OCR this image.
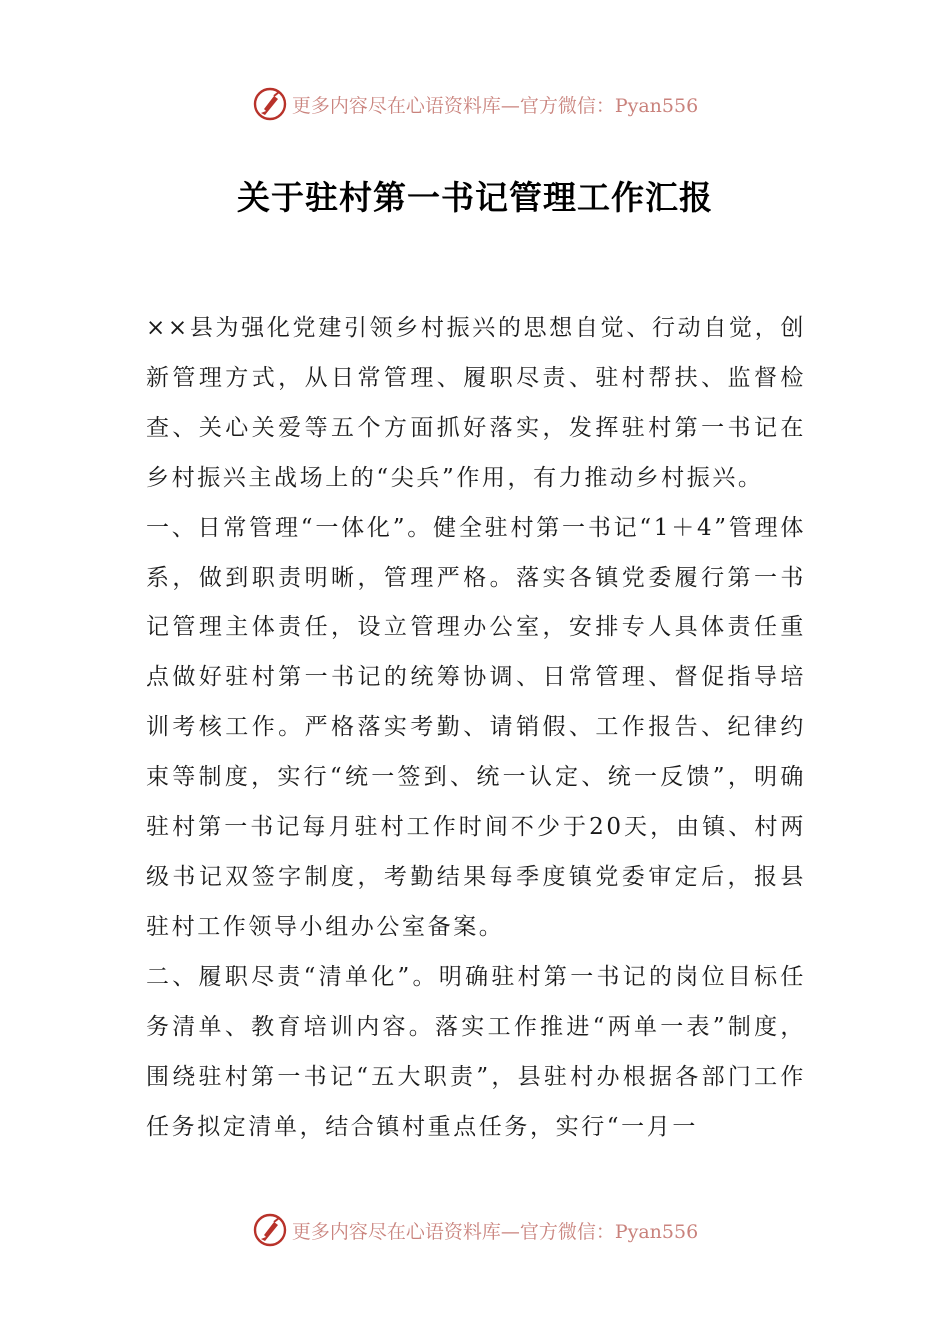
更多内容尽在心语资料库—官方微信：Pyan556
关于驻村第一书记管理工作汇报

××县为强化党建引领乡村振兴的思想自觉、行动自觉，创新管理方式，从日常管理、履职尽责、驻村帮扶、监督检查、关心关爱等五个方面抓好落实，发挥驻村第一书记在乡村振兴主战场上的“尖兵”作用，有力推动乡村振兴。

一、日常管理“一体化”。健全驻村第一书记“1＋4”管理体系，做到职责明晰，管理严格。落实各镇党委履行第一书记管理主体责任，设立管理办公室，安排专人具体责任重点做好驻村第一书记的统筹协调、日常管理、督促指导培训考核工作。严格落实考勤、请销假、工作报告、纪律约束等制度，实行“统一签到、统一认定、统一反馈”，明确驻村第一书记每月驻村工作时间不少于20天，由镇、村两级书记双签字制度，考勤结果每季度镇党委审定后，报县驻村工作领导小组办公室备案。

二、履职尽责“清单化”。明确驻村第一书记的岗位目标任务清单、教育培训内容。落实工作推进“两单一表”制度，围绕驻村第一书记“五大职责”，县驻村办根据各部门工作任务拟定清单，结合镇村重点任务，实行“一月一

更多内容尽在心语资料库—官方微信：Pyan556
